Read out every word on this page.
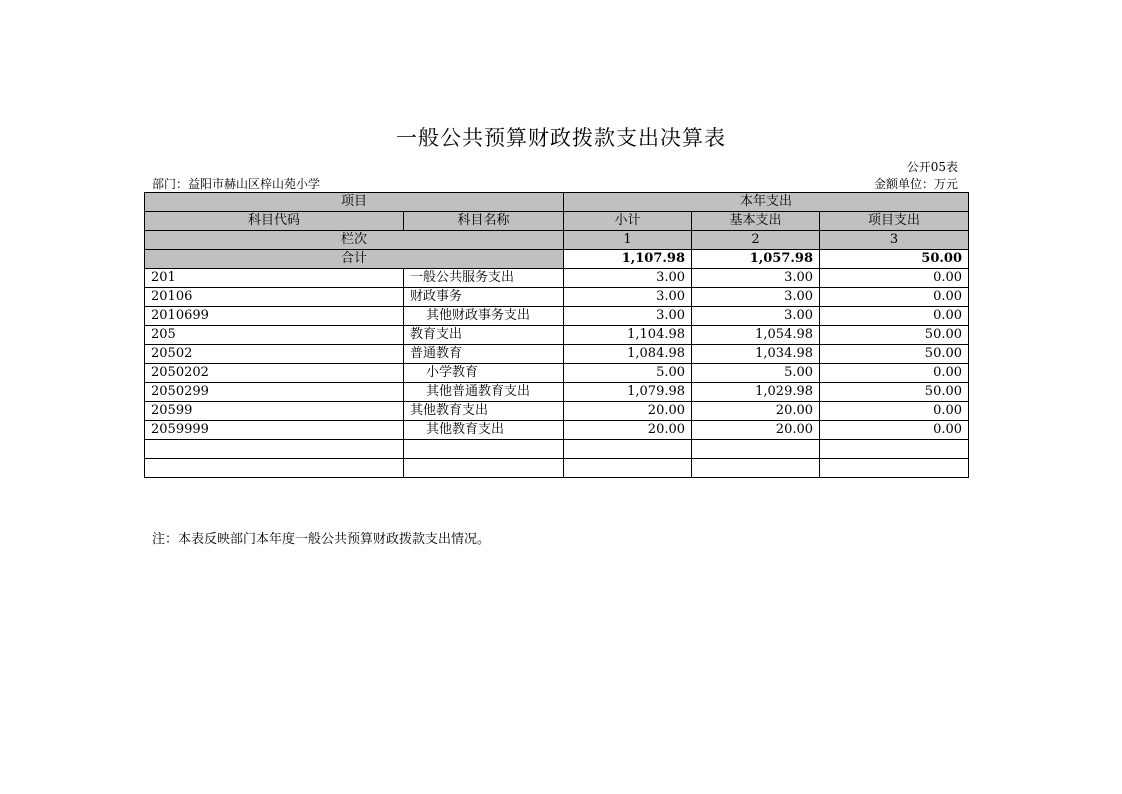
一般公共预算财政拨款支出决算表
公开05表
部门：益阳市赫山区梓山苑小学	金额单位：万元
项目		本年支出		
科目代码	科目名称	小计	基本支出	项目支出
栏次		1	2	3
合计		1,107.98	1,057.98	50.00
201	一般公共服务支出	3.00	3.00	0.00
20106	财政事务	3.00	3.00	0.00
2010699	其他财政事务支出	3.00	3.00	0.00
205	教育支出	1,104.98	1,054.98	50.00
20502	普通教育	1,084.98	1,034.98	50.00
2050202	小学教育	5.00	5.00	0.00
2050299	其他普通教育支出	1,079.98	1,029.98	50.00
20599	其他教育支出	20.00	20.00	0.00
2059999	其他教育支出	20.00	20.00	0.00

注：本表反映部门本年度一般公共预算财政拨款支出情况。
